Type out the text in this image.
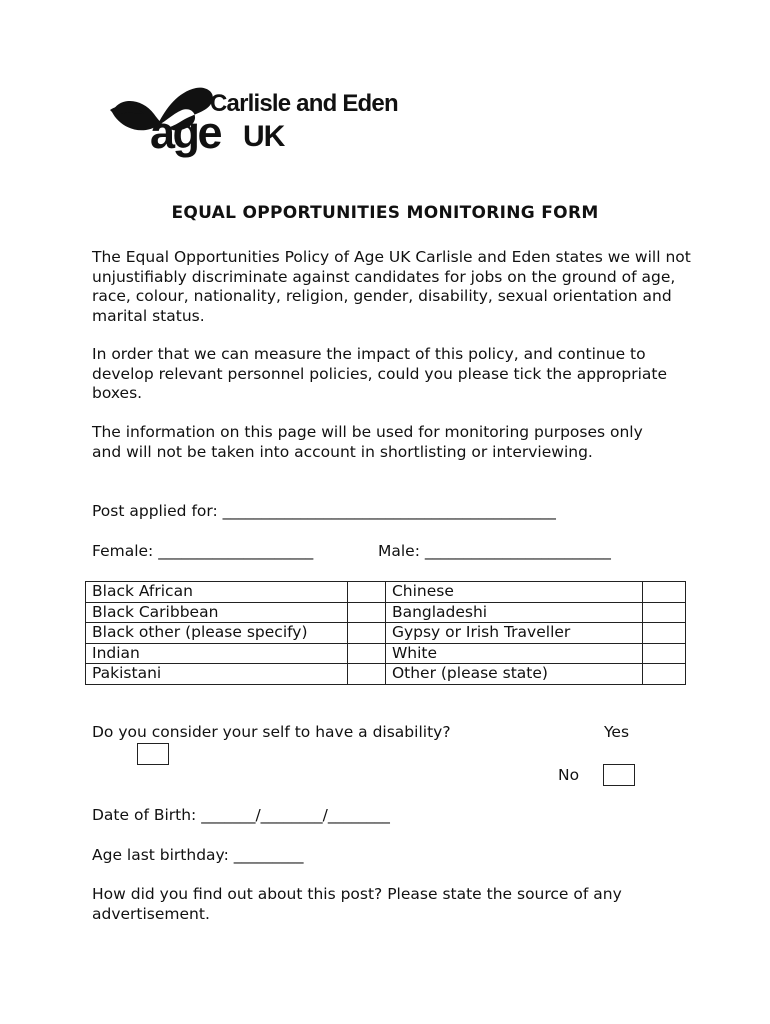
Carlisle and Eden
age UK
EQUAL OPPORTUNITIES MONITORING FORM
The Equal Opportunities Policy of Age UK Carlisle and Eden states we will not unjustifiably discriminate against candidates for jobs on the ground of age, race, colour, nationality, religion, gender, disability, sexual orientation and marital status.
In order that we can measure the impact of this policy, and continue to develop relevant personnel policies, could you please tick the appropriate boxes.
The information on this page will be used for monitoring purposes only and will not be taken into account in shortlisting or interviewing.
Post applied for: ___________________________________________
Female: ____________________	Male: ________________________
Black African		Chinese	
Black Caribbean		Bangladeshi	
Black other (please specify)		Gypsy or Irish Traveller	
Indian		White	
Pakistani		Other (please state)	
Do you consider your self to have a disability?	Yes
No
Date of Birth: _______/________/________
Age last birthday: _________
How did you find out about this post? Please state the source of any advertisement.
